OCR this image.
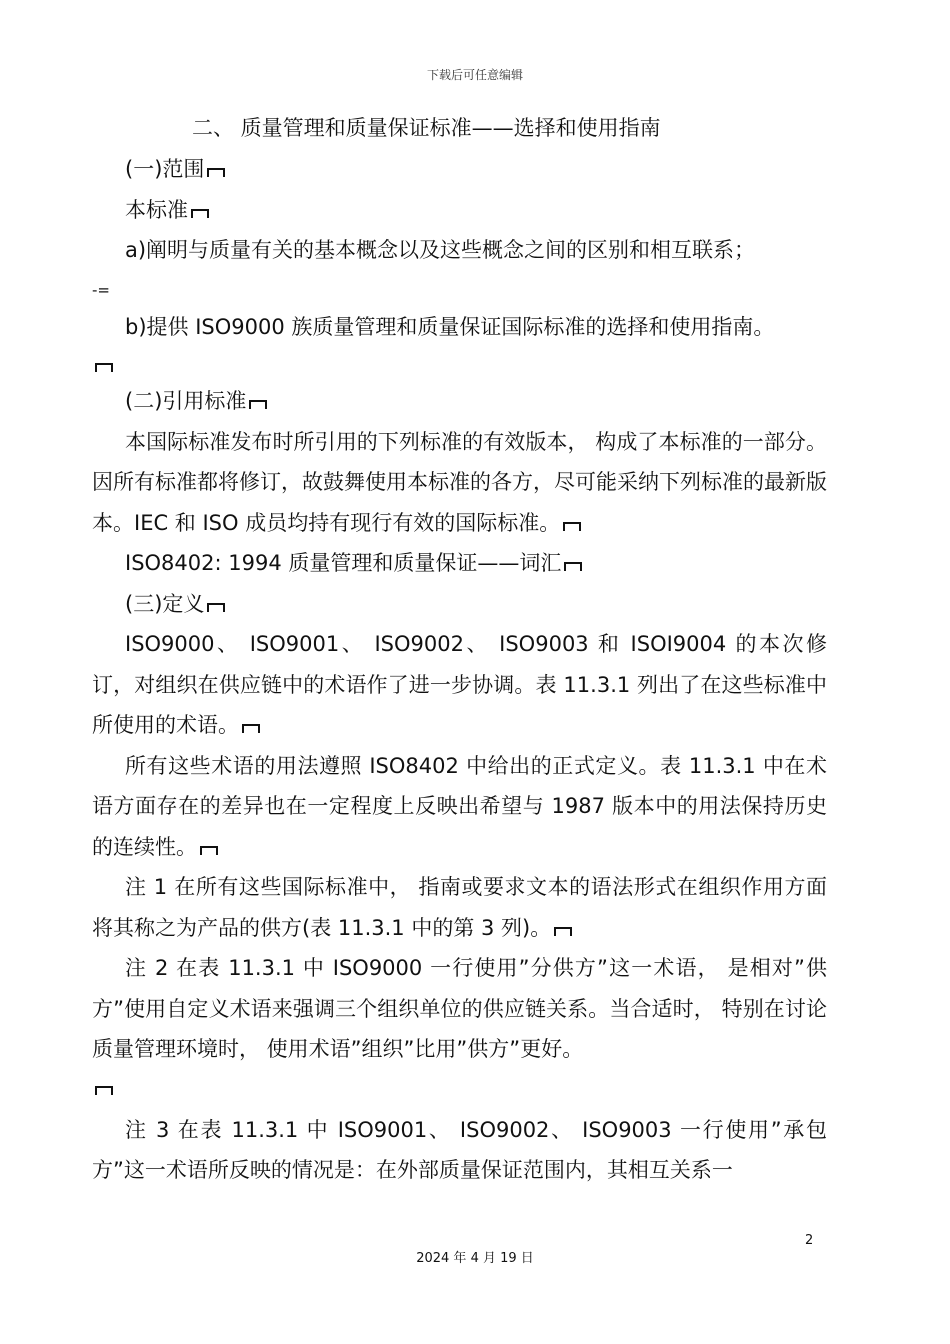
下载后可任意编辑
二、 质量管理和质量保证标准——选择和使用指南

(一)范围

本标准

a)阐明与质量有关的基本概念以及这些概念之间的区别和相互联系；
-=

b)提供 ISO9000 族质量管理和质量保证国际标准的选择和使用指南。

(二)引用标准

本国际标准发布时所引用的下列标准的有效版本， 构成了本标准的一部分。因所有标准都将修订，故鼓舞使用本标准的各方，尽可能采纳下列标准的最新版本。IEC 和 ISO 成员均持有现行有效的国际标准。

ISO8402: 1994 质量管理和质量保证——词汇

(三)定义

ISO9000、 ISO9001、 ISO9002、 ISO9003 和 ISOI9004 的本次修订，对组织在供应链中的术语作了进一步协调。表 11.3.1 列出了在这些标准中所使用的术语。

所有这些术语的用法遵照 ISO8402 中给出的正式定义。表 11.3.1 中在术语方面存在的差异也在一定程度上反映出希望与 1987 版本中的用法保持历史的连续性。

注 1 在所有这些国际标准中， 指南或要求文本的语法形式在组织作用方面将其称之为产品的供方(表 11.3.1 中的第 3 列)。

注 2 在表 11.3.1 中 ISO9000 一行使用”分供方”这一术语， 是相对”供方”使用自定义术语来强调三个组织单位的供应链关系。当合适时， 特别在讨论质量管理环境时， 使用术语”组织”比用”供方”更好。

注 3 在表 11.3.1 中 ISO9001、 ISO9002、 ISO9003 一行使用”承包方”这一术语所反映的情况是：在外部质量保证范围内，其相互关系一

2
2024 年 4 月 19 日
